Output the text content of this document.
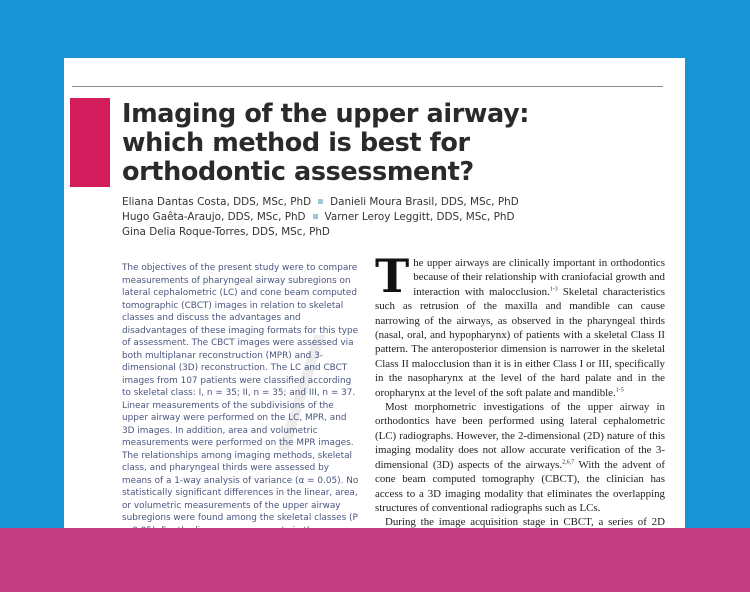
Imaging of the upper airway: which method is best for orthodontic assessment?
Eliana Dantas Costa, DDS, MSc, PhD Danieli Moura Brasil, DDS, MSc, PhD
Hugo Gaêta-Araujo, DDS, MSc, PhD Varner Leroy Leggitt, DDS, MSc, PhD
Gina Delia Roque-Torres, DDS, MSc, PhD
∕

The objectives of the present study were to compare measurements of pharyngeal airway subregions on lateral cephalometric (LC) and cone beam computed tomographic (CBCT) images in relation to skeletal classes and discuss the advantages and disadvantages of these imaging formats for this type of assessment. The CBCT images were assessed via both multiplanar reconstruction (MPR) and 3-dimensional (3D) reconstruction. The LC and CBCT images from 107 patients were classified according to skeletal class: I, n = 35; II, n = 35; and III, n = 37. Linear measurements of the subdivisions of the upper airway were performed on the LC, MPR, and 3D images. In addition, area and volumetric measurements were performed on the MPR images. The relationships among imaging methods, skeletal class, and pharyngeal thirds were assessed by means of a 1-way analysis of variance (α = 0.05). No statistically significant differences in the linear, area, or volumetric measurements of the upper airway subregions were found among the skeletal classes (P

The upper airways are clinically important in orthodontics because of their relationship with craniofacial growth and interaction with malocclusion.$^{1-3}$ Skeletal characteristics such as retrusion of the maxilla and mandible can cause narrowing of the airways, as observed in the pharyngeal thirds (nasal, oral, and hypopharynx) of patients with a skeletal Class II pattern. The anteroposterior dimension is narrower in the skeletal Class II malocclusion than it is in either Class I or III, specifically in the nasopharynx at the level of the hard palate and in the oropharynx at the level of the soft palate and mandible.$^{1-5}$

Most morphometric investigations of the upper airway in orthodontics have been performed using lateral cephalometric (LC) radiographs. However, the 2-dimensional (2D) nature of this imaging modality does not allow accurate verification of the 3-dimensional (3D) aspects of the airways.$^{2,6,7}$ With the advent of cone beam computed tomography (CBCT), the clinician has access to a 3D imaging modality that eliminates the overlapping structures of conventional radiographs such as LCs.

During the image acquisition stage in CBCT, a series of 2D
